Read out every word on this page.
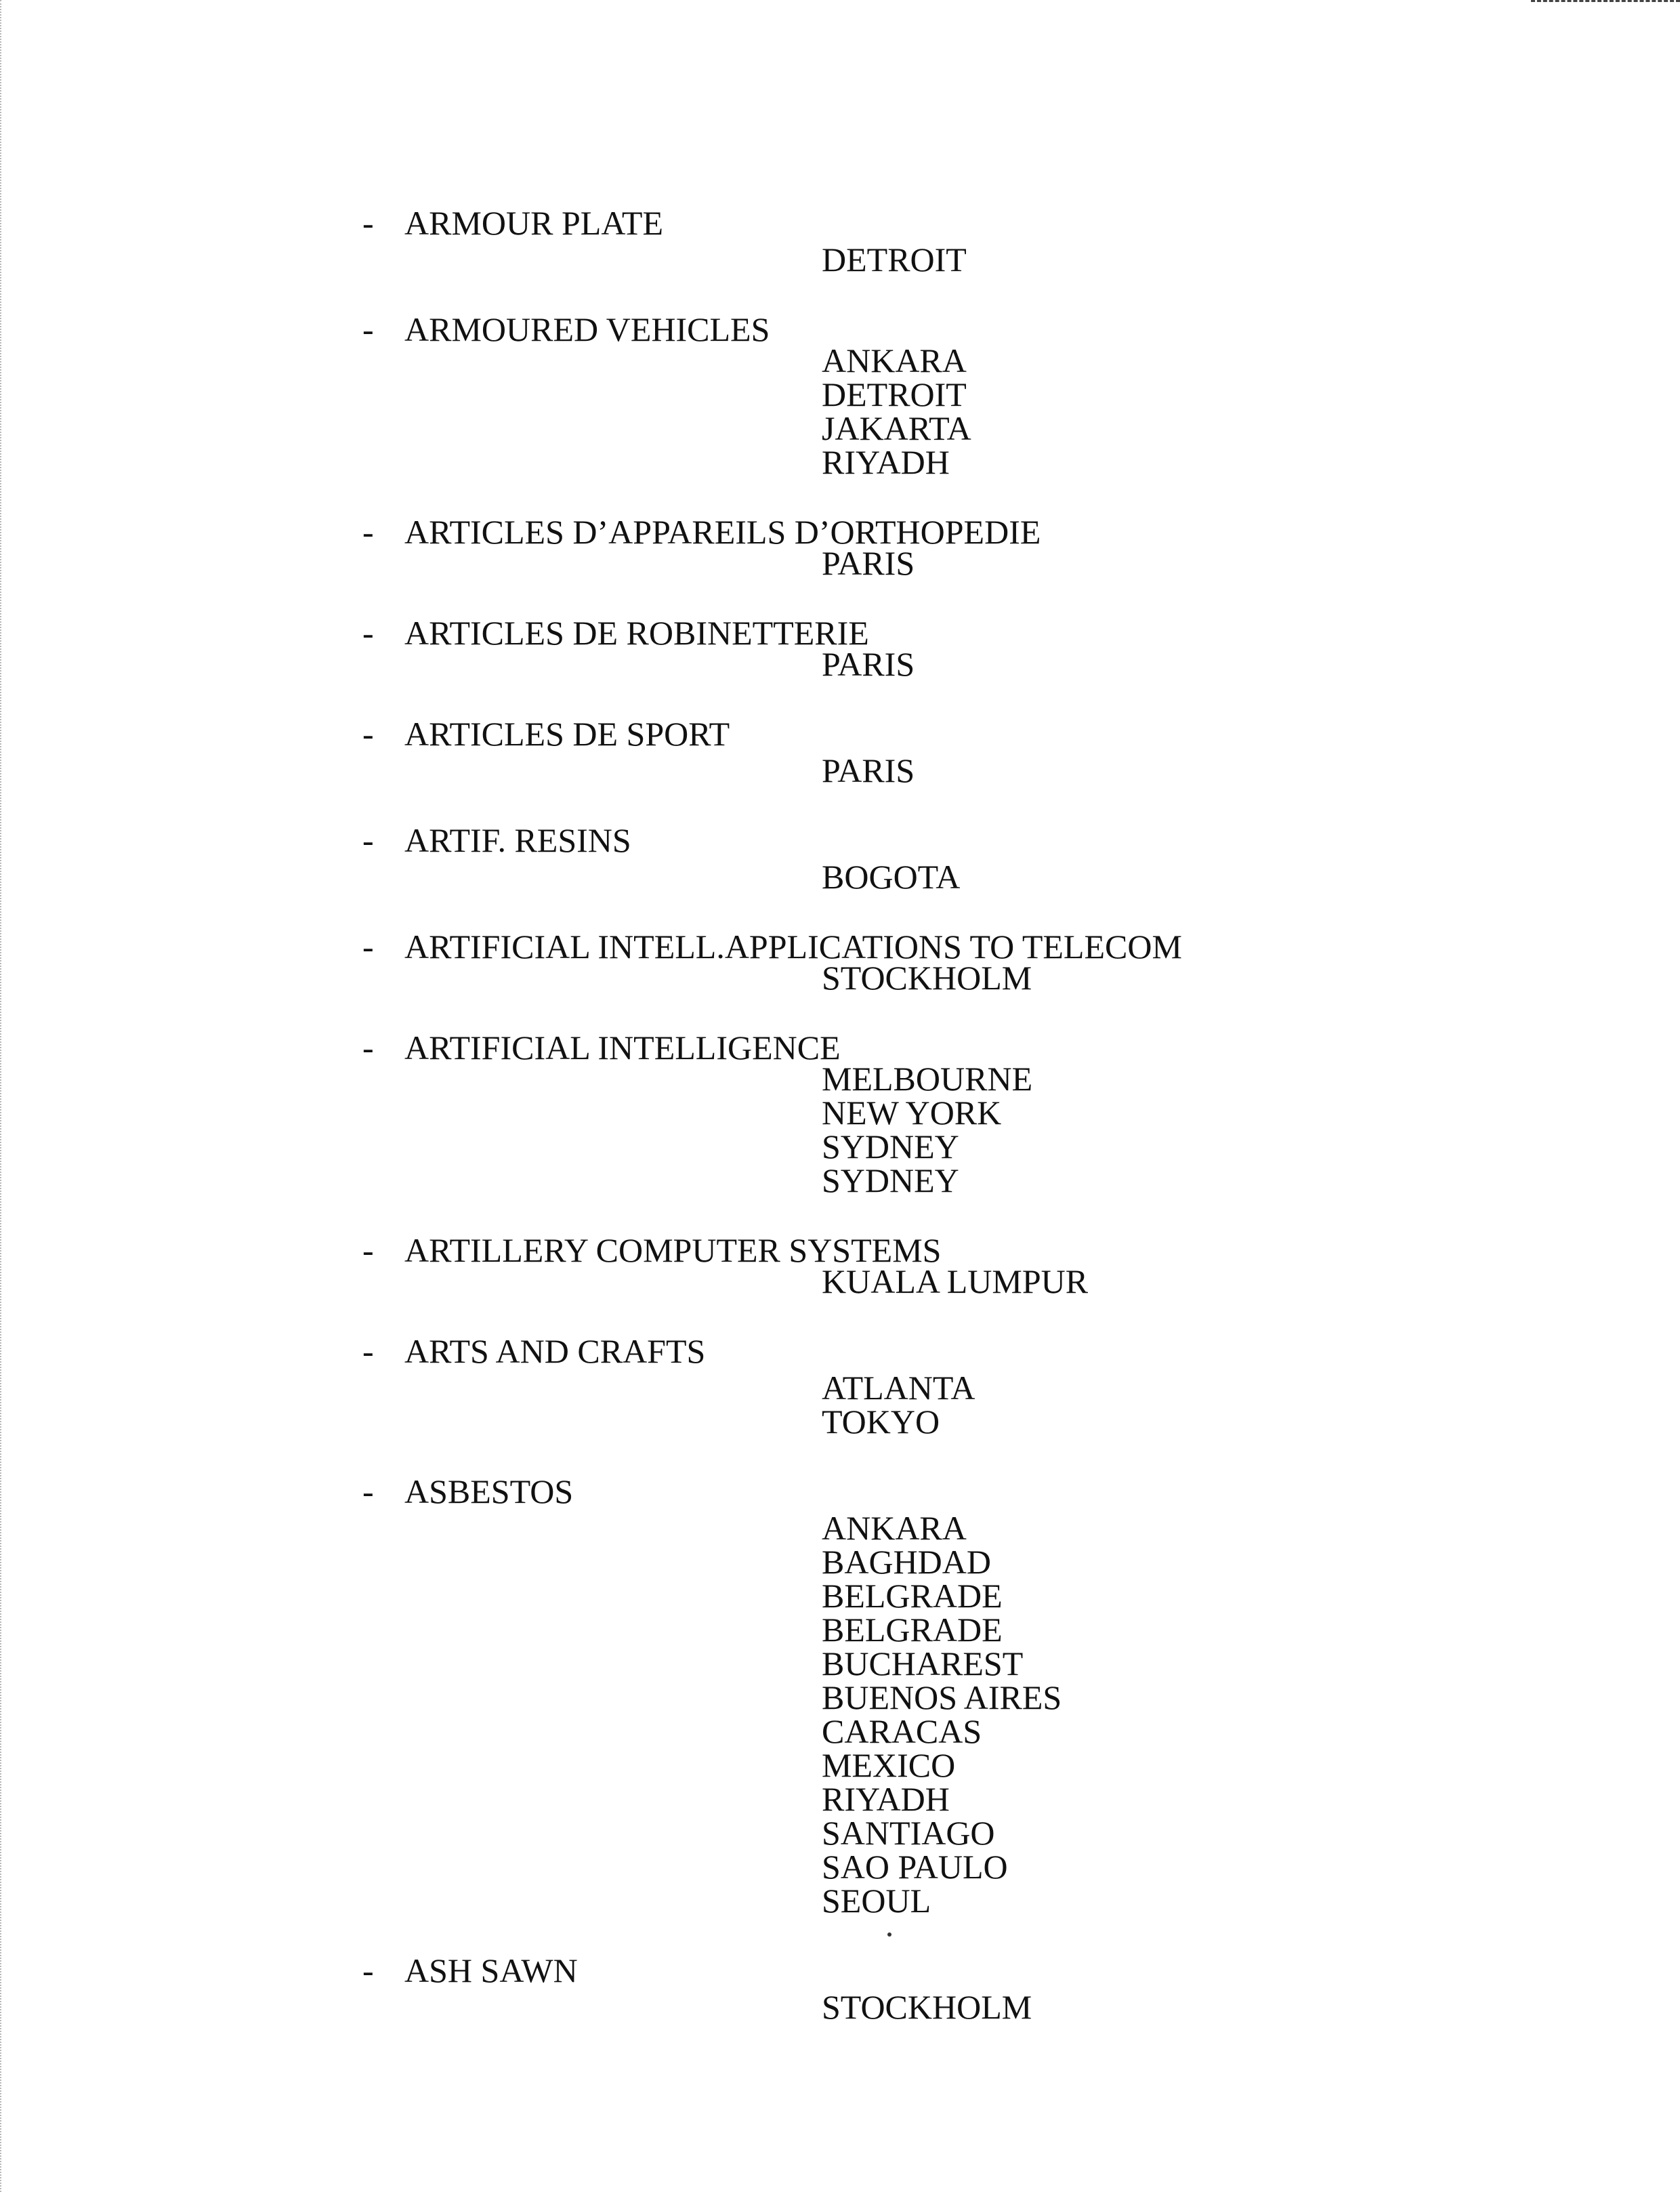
- ARMOUR PLATE
DETROIT
- ARMOURED VEHICLES
ANKARA
DETROIT
JAKARTA
RIYADH
- ARTICLES D’APPAREILS D’ORTHOPEDIE
PARIS
- ARTICLES DE ROBINETTERIE
PARIS
- ARTICLES DE SPORT
PARIS
- ARTIF. RESINS
BOGOTA
- ARTIFICIAL INTELL.APPLICATIONS TO TELECOM
STOCKHOLM
- ARTIFICIAL INTELLIGENCE
MELBOURNE
NEW YORK
SYDNEY
SYDNEY
- ARTILLERY COMPUTER SYSTEMS
KUALA LUMPUR
- ARTS AND CRAFTS
ATLANTA
TOKYO
- ASBESTOS
ANKARA
BAGHDAD
BELGRADE
BELGRADE
BUCHAREST
BUENOS AIRES
CARACAS
MEXICO
RIYADH
SANTIAGO
SAO PAULO
SEOUL
- ASH SAWN
STOCKHOLM
